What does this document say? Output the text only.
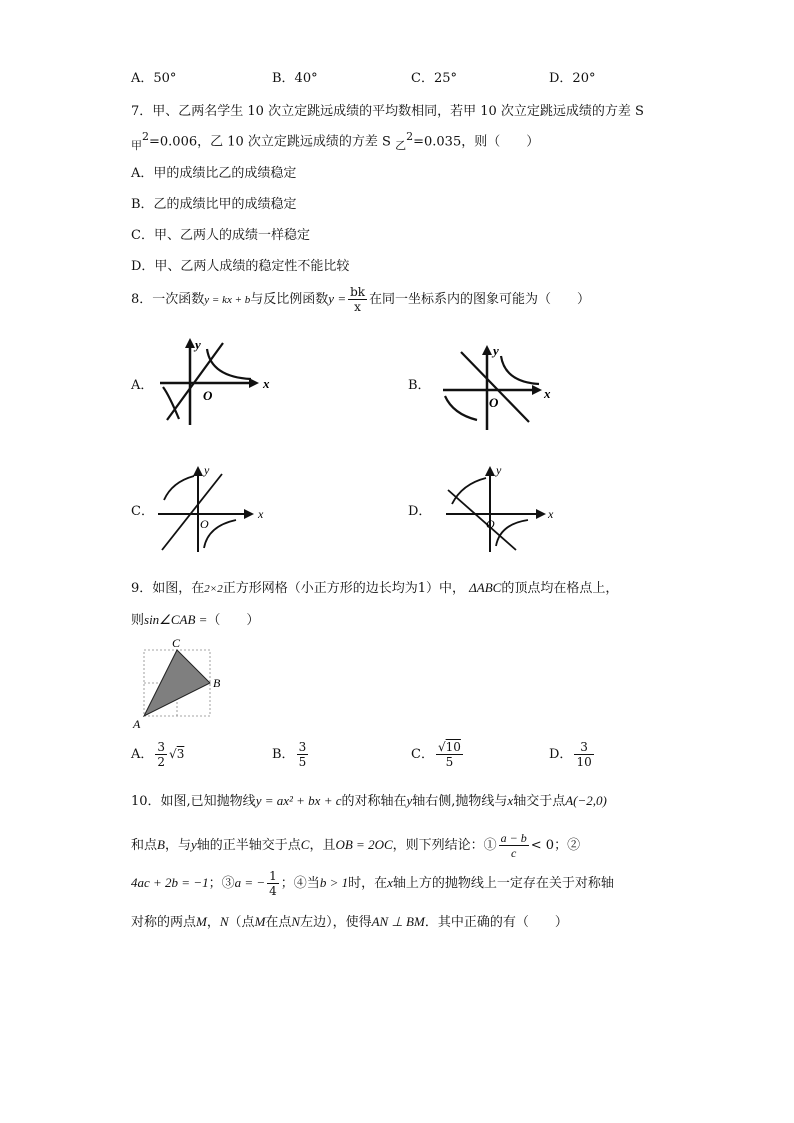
A．50°	B．40°	C．25°	D．20°
7．甲、乙两名学生 10 次立定跳远成绩的平均数相同，若甲 10 次立定跳远成绩的方差 S
$_甲^2$=0.006，乙 10 次立定跳远成绩的方差 S $_乙^2$=0.035，则（　　）
A．甲的成绩比乙的成绩稳定
B．乙的成绩比甲的成绩稳定
C．甲、乙两人的成绩一样稳定
D．甲、乙两人成绩的稳定性不能比较
8．一次函数y = kx + b与反比例函数$y = \frac{bk}{x}$ 在同一坐标系内的图象可能为（　　）
A．	B．
C．	D．
x
y
O	x
y
O
x
y
O
x
y
O
9．如图，在2×2正方形网格（小正方形的边长均为1）中， ΔABC的顶点均在格点上，
则sin∠CAB =（　　）
A
B
C
A． $\frac{3}{2} √3$	B． $\frac{3}{5}$	C． $\frac{√10}{5}$	D． $\frac{3}{10}$
10．如图,已知抛物线y = ax² + bx + c的对称轴在y轴右侧,抛物线与x轴交于点A(−2,0)
和点B，与y轴的正半轴交于点C，且OB = 2OC，则下列结论：① $\frac{a - b}{c} < 0$；②
4ac + 2b = −1；③a = − $\frac{1}{4}$ ；④当b > 1时，在x轴上方的抛物线上一定存在关于对称轴
对称的两点M，N（点M在点N左边），使得AN ⊥ BM．其中正确的有（　　）
